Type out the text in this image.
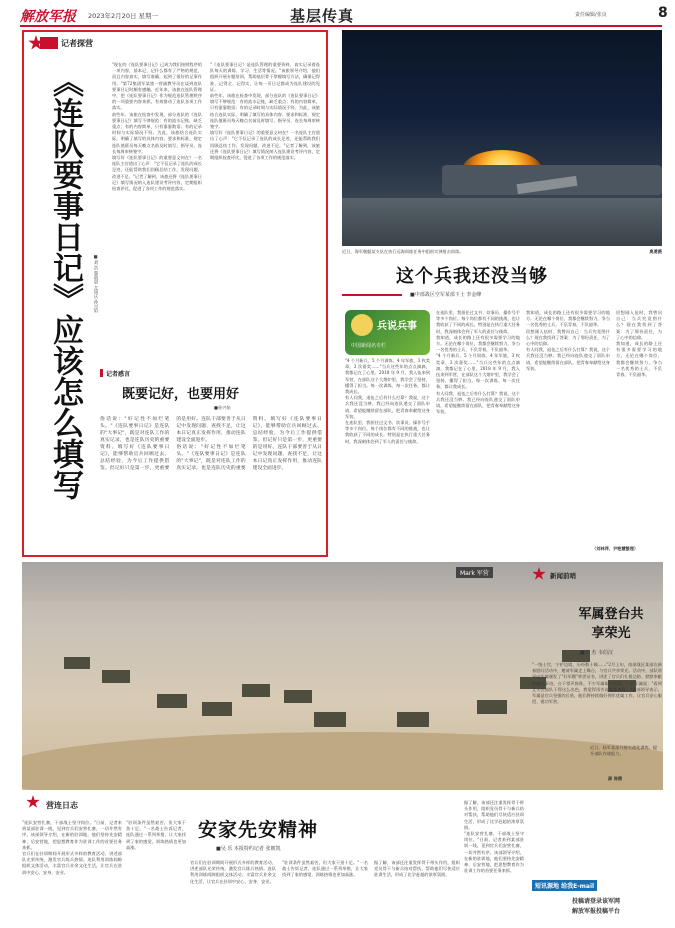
解放军报 2023年2月20日 星期一	基层传真	责任编辑/张良	8
记者探营
《连队要事日记》应该怎么填写 ■刘 浩 黎明晨 尤国庆 孙兴焰

"现在的《连队要事日记》已成为我们按照程序的一项内容，基本记、记什么都有了严格的规范，而且内容真实，填写准确，起到了很好的记事作用。"第72集团军某旅一营副教导员在谈到连队要事日记时颇有感触。近年来，该旅在连队管理中，把《连队要事日记》作为规范连队管理秩序的一项重要内容来抓，有效推动了连队各项工作落实。

前些年，该旅在检查中发现，部分连队的《连队要事日记》填写不够规范：有的流水记账，缺乏重点；有的内容简单，只有寥寥数语；有的记录时间与实际情况不符。为此，该旅结合连队实际，明确了填写的具体内容、要求和标准，规定连队值班员每天晚点名前及时填写，指导员、连长每周审核签字。

填写好《连队要事日记》的重要意义何在？一名连队主官道出了心声："它不仅记录了连队的成长足迹，还能帮助我们回顾总结工作，发现问题、改进不足。"记者了解到，该旅还将《连队要事日记》填写情况纳入连队建设考评内容，定期组织检查评比，促进了各项工作的规范落实。

"《连队要事日记》是连队管理的重要资料，真实记录着连队每天的训练、学习、生活等情况。"该旅领导介绍，他们组织开展专题培训，帮助基层骨干掌握填写方法，确保记得准、记得全、记得实，让每一页日记都成为连队建设的见证。

前些年，该旅在检查中发现，部分连队的《连队要事日记》填写不够规范：有的流水记账，缺乏重点；有的内容简单，只有寥寥数语；有的记录时间与实际情况不符。为此，该旅结合连队实际，明确了填写的具体内容、要求和标准，规定连队值班员每天晚点名前及时填写，指导员、连长每周审核签字。

填写好《连队要事日记》的重要意义何在？一名连队主官道出了心声："它不仅记录了连队的成长足迹，还能帮助我们回顾总结工作，发现问题、改进不足。"记者了解到，该旅还将《连队要事日记》填写情况纳入连队建设考评内容，定期组织检查评比，促进了各项工作的规范落实。

记者感言
既要记好，也要用好
■孙兴焰

俗话说："好记性不如烂笔头。"《连队要事日记》是连队的"大事记"，既是对连队工作的真实记录，也是连队历史的重要资料。填写好《连队要事日记》，能够帮助官兵回顾过去、总结经验，为今后工作提供借鉴。但记好只是第一步，更重要的是用好。连队干部要善于从日记中发现问题、查找不足，让这本日记真正发挥作用，推动连队建设全面进步。

俗话说："好记性不如烂笔头。"《连队要事日记》是连队的"大事记"，既是对连队工作的真实记录，也是连队历史的重要资料。填写好《连队要事日记》，能够帮助官兵回顾过去、总结经验，为今后工作提供借鉴。但记好只是第一步，更重要的是用好。连队干部要善于从日记中发现问题、查找不足，让这本日记真正发挥作用，推动连队建设全面进步。

近日，海军舰艇某支队在执行远海训练任务中组织实弹射击训练。	奥勇摄
这个兵我还没当够
■中部战区空军某部下士 李金峰
兵说兵事
中国新闻名专栏

"4 个月新兵、5 个月训练、4 年军旅，3 枚奖章，3 次嘉奖……"当兵这些年的点点滴滴，我都记在了心里。2018 年 9 月，我入伍来到军营，在部队这个大熔炉里，我学会了坚持，懂得了担当。每一次训练、每一次任务，都让我成长。

有人问我，退伍之后有什么打算？我说，这个兵我还没当够。我已经向连队递交了留队申请，希望能继续留在部队，把青春奉献给这身军装。

在连队里，我担任过文书、炊事员、操作号手等多个岗位。每个岗位都有不同的挑战，也让我收获了不同的成长。特别是在执行重大任务时，我深刻体会到了军人的责任与使命。

在连队里，我担任过文书、炊事员、操作号手等多个岗位。每个岗位都有不同的挑战，也让我收获了不同的成长。特别是在执行重大任务时，我深刻体会到了军人的责任与使命。

我知道，成长的路上还有很多需要学习的地方。无论在哪个岗位，我都会继续努力，争当一名优秀的士兵，不负青春，不负韶华。

"4 个月新兵、5 个月训练、4 年军旅，3 枚奖章，3 次嘉奖……"当兵这些年的点点滴滴，我都记在了心里。2018 年 9 月，我入伍来到军营，在部队这个大熔炉里，我学会了坚持，懂得了担当。每一次训练、每一次任务，都让我成长。

有人问我，退伍之后有什么打算？我说，这个兵我还没当够。我已经向连队递交了留队申请，希望能继续留在部队，把青春奉献给这身军装。

我知道，成长的路上还有很多需要学习的地方。无论在哪个岗位，我都会继续努力，争当一名优秀的士兵，不负青春，不负韶华。

回想刚入伍时，我曾问自己：当兵究竟图什么？现在我找到了答案：为了那份责任，为了心中的信仰。

有人问我，退伍之后有什么打算？我说，这个兵我还没当够。我已经向连队递交了留队申请，希望能继续留在部队，把青春奉献给这身军装。

回想刚入伍时，我曾问自己：当兵究竟图什么？现在我找到了答案：为了那份责任，为了心中的信仰。

我知道，成长的路上还有很多需要学习的地方。无论在哪个岗位，我都会继续努力，争当一名优秀的士兵，不负青春，不负韶华。

（刘林萍、尹艳慧整理）
Mark 军营
近日，陆军某部开展实战化训练，提升部队作战能力。
薛 涛摄
营连日志

"连队安营扎寨，干部战士坚守岗位。"日前，记者来到某部驻训一线，见到官兵们安营扎寨，一切井然有序。该部领导介绍，在新的驻训地，他们坚持先安精神、后安营地，把思想教育作为驻训工作的首要任务来抓。

官兵们在驻训期间开展形式多样的教育活动，讲述部队光荣传统，激发官兵练兵热情。连队利用训练间隙组织文体活动，丰富官兵业余文化生活，让官兵在驻训中安心、安身、安业。

"驻训条件虽然艰苦，但大家干劲十足。"一名战士告诉记者，连队通过一系列举措，让大家找到了家的感觉，训练热情也更加高涨。

安家先安精神
■吴 乐 本报特约记者 张朝凯

官兵们在驻训期间开展形式多样的教育活动，讲述部队光荣传统，激发官兵练兵热情。连队利用训练间隙组织文体活动，丰富官兵业余文化生活，让官兵在驻训中安心、安身、安业。

"驻训条件虽然艰苦，但大家干劲十足。"一名战士告诉记者，连队通过一系列举措，让大家找到了家的感觉，训练热情也更加高涨。

据了解，该部还注重发挥骨干带头作用，组织党员骨干与新兵结对帮扶，帮助他们尽快适应驻训生活，形成了比学赶超的浓厚氛围。

据了解，该部还注重发挥骨干带头作用，组织党员骨干与新兵结对帮扶，帮助他们尽快适应驻训生活，形成了比学赶超的浓厚氛围。

"连队安营扎寨，干部战士坚守岗位。"日前，记者来到某部驻训一线，见到官兵们安营扎寨，一切井然有序。该部领导介绍，在新的驻训地，他们坚持先安精神、后安营地，把思想教育作为驻训工作的首要任务来抓。

新闻前哨
军属登台共享荣光
■田 杰 韦伯汉

"一级士官，宁护边境，历经数十载……"2月上旬，南部战区某部在新春慰问活动中，邀请军属走上舞台，与官兵共享荣光。活动中，部队领导向军属颁发了"好军嫂"荣誉证书，讲述了官兵们扎根边防、默默奉献的感人事迹。台下掌声阵阵，不少军属眼含热泪。一名军属说："看到丈夫在部队干得这么出色，我觉得再苦再累都值得。"该部领导表示，军属是官兵坚强的后盾，他们将持续做好拥军优属工作，让官兵安心服役、建功军营。

短讯源地 给我E-mail
投稿请登录该军网
解放军报投稿平台
